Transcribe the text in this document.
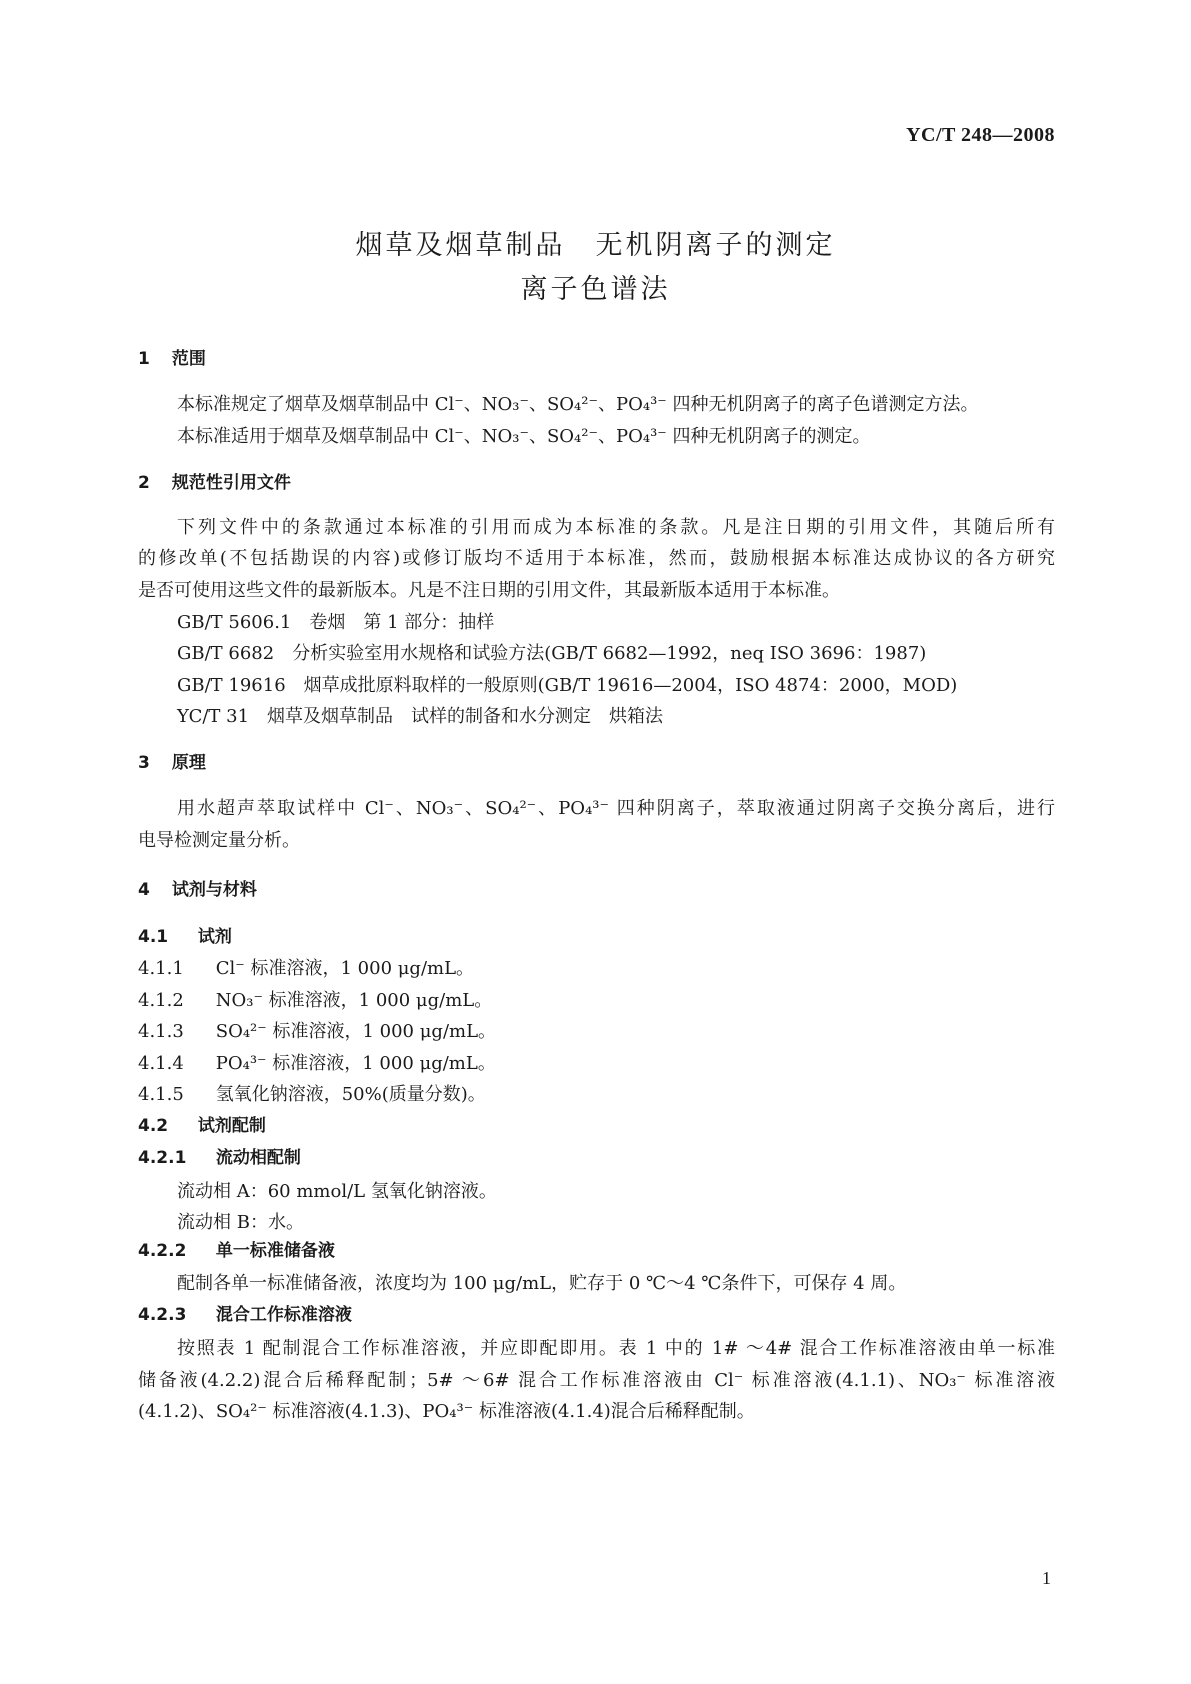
YC/T 248—2008
烟草及烟草制品 无机阴离子的测定
离子色谱法
1 范围
本标准规定了烟草及烟草制品中 Cl⁻、NO₃⁻、SO₄²⁻、PO₄³⁻ 四种无机阴离子的离子色谱测定方法。
本标准适用于烟草及烟草制品中 Cl⁻、NO₃⁻、SO₄²⁻、PO₄³⁻ 四种无机阴离子的测定。
2 规范性引用文件
下列文件中的条款通过本标准的引用而成为本标准的条款。凡是注日期的引用文件，其随后所有
的修改单(不包括勘误的内容)或修订版均不适用于本标准，然而，鼓励根据本标准达成协议的各方研究
是否可使用这些文件的最新版本。凡是不注日期的引用文件，其最新版本适用于本标准。
GB/T 5606.1　卷烟　第 1 部分：抽样
GB/T 6682　分析实验室用水规格和试验方法(GB/T 6682—1992，neq ISO 3696：1987)
GB/T 19616　烟草成批原料取样的一般原则(GB/T 19616—2004，ISO 4874：2000，MOD)
YC/T 31　烟草及烟草制品　试样的制备和水分测定　烘箱法
3 原理
用水超声萃取试样中 Cl⁻、NO₃⁻、SO₄²⁻、PO₄³⁻ 四种阴离子，萃取液通过阴离子交换分离后，进行
电导检测定量分析。
4 试剂与材料
4.1 试剂
4.1.1 Cl⁻ 标准溶液，1 000 μg/mL。
4.1.2 NO₃⁻ 标准溶液，1 000 μg/mL。
4.1.3 SO₄²⁻ 标准溶液，1 000 μg/mL。
4.1.4 PO₄³⁻ 标准溶液，1 000 μg/mL。
4.1.5 氢氧化钠溶液，50%(质量分数)。
4.2 试剂配制
4.2.1 流动相配制
流动相 A：60 mmol/L 氢氧化钠溶液。
流动相 B：水。
4.2.2 单一标准储备液
配制各单一标准储备液，浓度均为 100 μg/mL，贮存于 0 ℃～4 ℃条件下，可保存 4 周。
4.2.3 混合工作标准溶液
按照表 1 配制混合工作标准溶液，并应即配即用。表 1 中的 1# ～4# 混合工作标准溶液由单一标准
储备液(4.2.2)混合后稀释配制；5# ～6# 混合工作标准溶液由 Cl⁻ 标准溶液(4.1.1)、NO₃⁻ 标准溶液
(4.1.2)、SO₄²⁻ 标准溶液(4.1.3)、PO₄³⁻ 标准溶液(4.1.4)混合后稀释配制。
1
